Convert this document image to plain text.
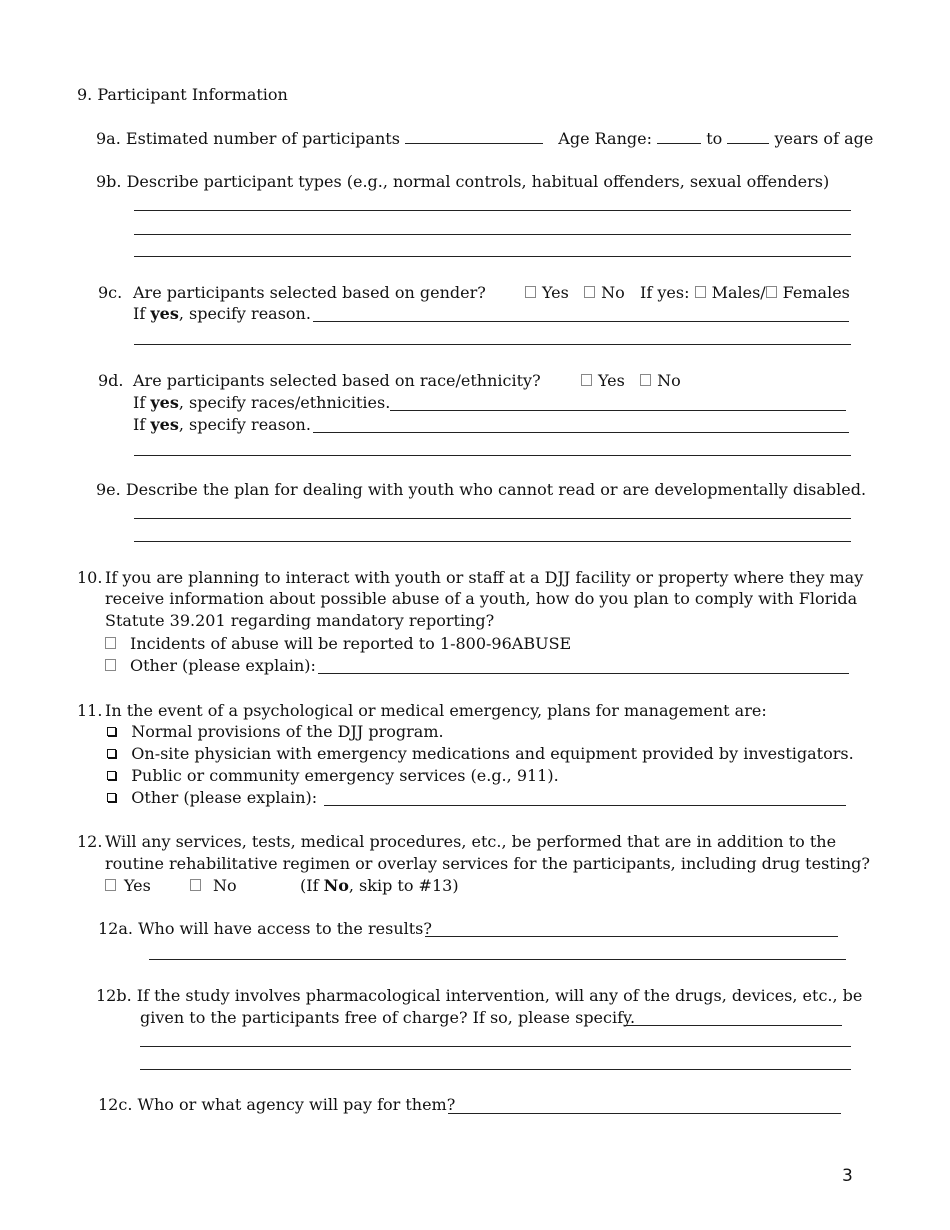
9. Participant Information
9a. Estimated number of participants	Age Range:	to	years of age
9b. Describe participant types (e.g., normal controls, habitual offenders, sexual offenders)
9c. Are participants selected based on gender?	Yes No If yes: Males/ Females
If yes, specify reason.
9d. Are participants selected based on race/ethnicity?	Yes No
If yes, specify races/ethnicities.
If yes, specify reason.
9e. Describe the plan for dealing with youth who cannot read or are developmentally disabled.
10. If you are planning to interact with youth or staff at a DJJ facility or property where they may
receive information about possible abuse of a youth, how do you plan to comply with Florida
Statute 39.201 regarding mandatory reporting?
Incidents of abuse will be reported to 1-800-96ABUSE
Other (please explain):
11. In the event of a psychological or medical emergency, plans for management are:
Normal provisions of the DJJ program.
On-site physician with emergency medications and equipment provided by investigators.
Public or community emergency services (e.g., 911).
Other (please explain):
12. Will any services, tests, medical procedures, etc., be performed that are in addition to the
routine rehabilitative regimen or overlay services for the participants, including drug testing?
Yes	No	(If No, skip to #13)
12a. Who will have access to the results?
12b. If the study involves pharmacological intervention, will any of the drugs, devices, etc., be
given to the participants free of charge? If so, please specify.
12c. Who or what agency will pay for them?
3
